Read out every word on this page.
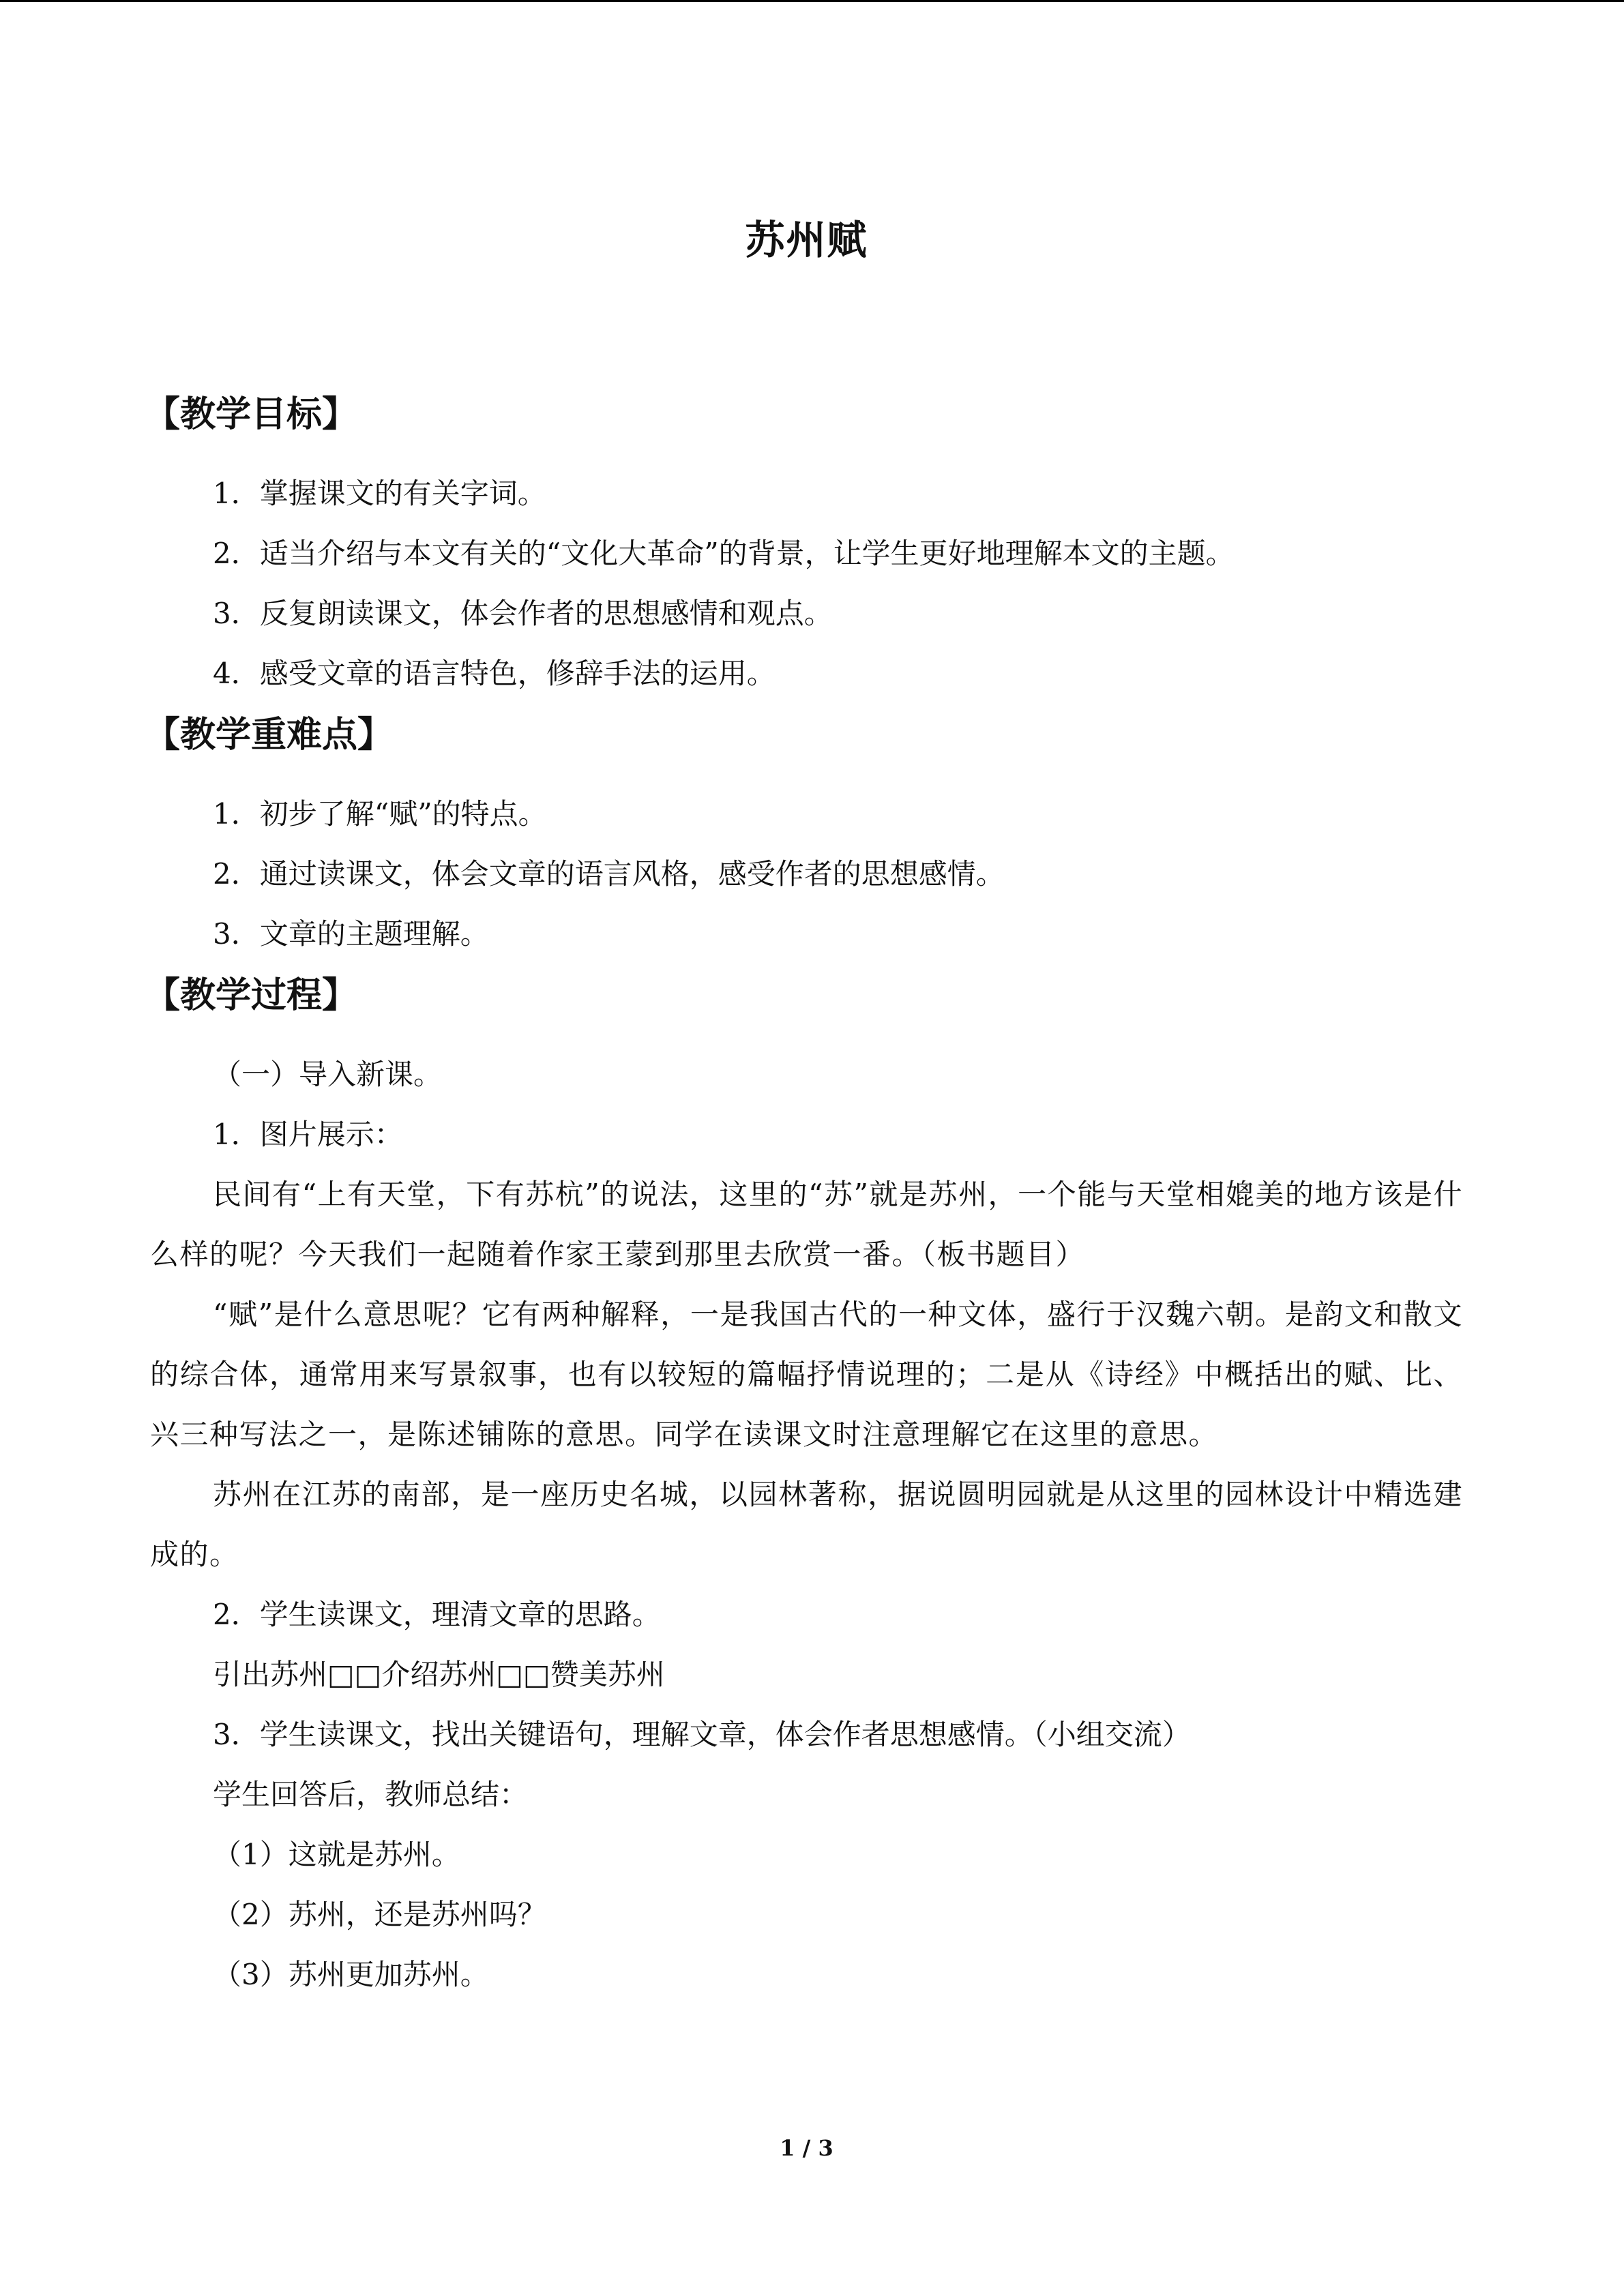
苏州赋
【教学目标】
1．掌握课文的有关字词。
2．适当介绍与本文有关的“文化大革命”的背景，让学生更好地理解本文的主题。
3．反复朗读课文，体会作者的思想感情和观点。
4．感受文章的语言特色，修辞手法的运用。
【教学重难点】
1．初步了解“赋”的特点。
2．通过读课文，体会文章的语言风格，感受作者的思想感情。
3．文章的主题理解。
【教学过程】
（一）导入新课。
1．图片展示：
民间有“上有天堂，下有苏杭”的说法，这里的“苏”就是苏州，一个能与天堂相媲美的地方该是什么样的呢？今天我们一起随着作家王蒙到那里去欣赏一番。（板书题目）
“赋”是什么意思呢？它有两种解释，一是我国古代的一种文体，盛行于汉魏六朝。是韵文和散文的综合体，通常用来写景叙事，也有以较短的篇幅抒情说理的；二是从《诗经》中概括出的赋、比、兴三种写法之一，是陈述铺陈的意思。同学在读课文时注意理解它在这里的意思。
苏州在江苏的南部，是一座历史名城，以园林著称，据说圆明园就是从这里的园林设计中精选建成的。
2．学生读课文，理清文章的思路。
引出苏州□□介绍苏州□□赞美苏州
3．学生读课文，找出关键语句，理解文章，体会作者思想感情。（小组交流）
学生回答后，教师总结：
（1）这就是苏州。
（2）苏州，还是苏州吗？
（3）苏州更加苏州。
1 / 3
